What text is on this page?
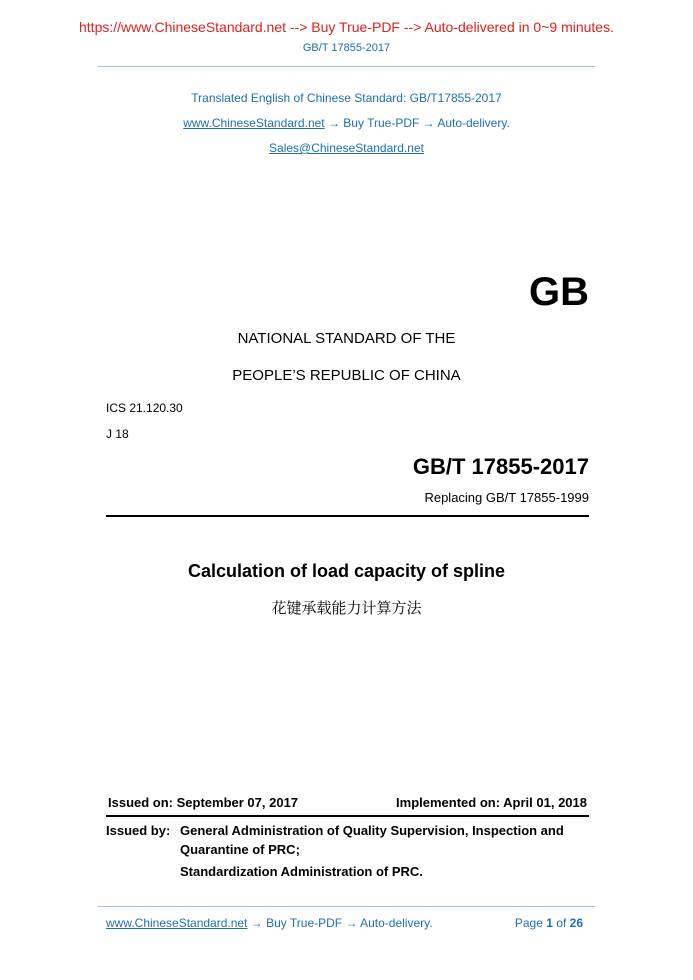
https://www.ChineseStandard.net --> Buy True-PDF --> Auto-delivered in 0~9 minutes.
GB/T 17855-2017
Translated English of Chinese Standard: GB/T17855-2017
www.ChineseStandard.net → Buy True-PDF → Auto-delivery.
Sales@ChineseStandard.net
GB
NATIONAL STANDARD OF THE
PEOPLE’S REPUBLIC OF CHINA
ICS 21.120.30
J 18
GB/T 17855-2017
Replacing GB/T 17855-1999
Calculation of load capacity of spline
花键承载能力计算方法
Issued on: September 07, 2017	Implemented on: April 01, 2018
Issued by: General Administration of Quality Supervision, Inspection and
Quarantine of PRC;
Standardization Administration of PRC.
www.ChineseStandard.net → Buy True-PDF → Auto-delivery.	Page 1 of 26
